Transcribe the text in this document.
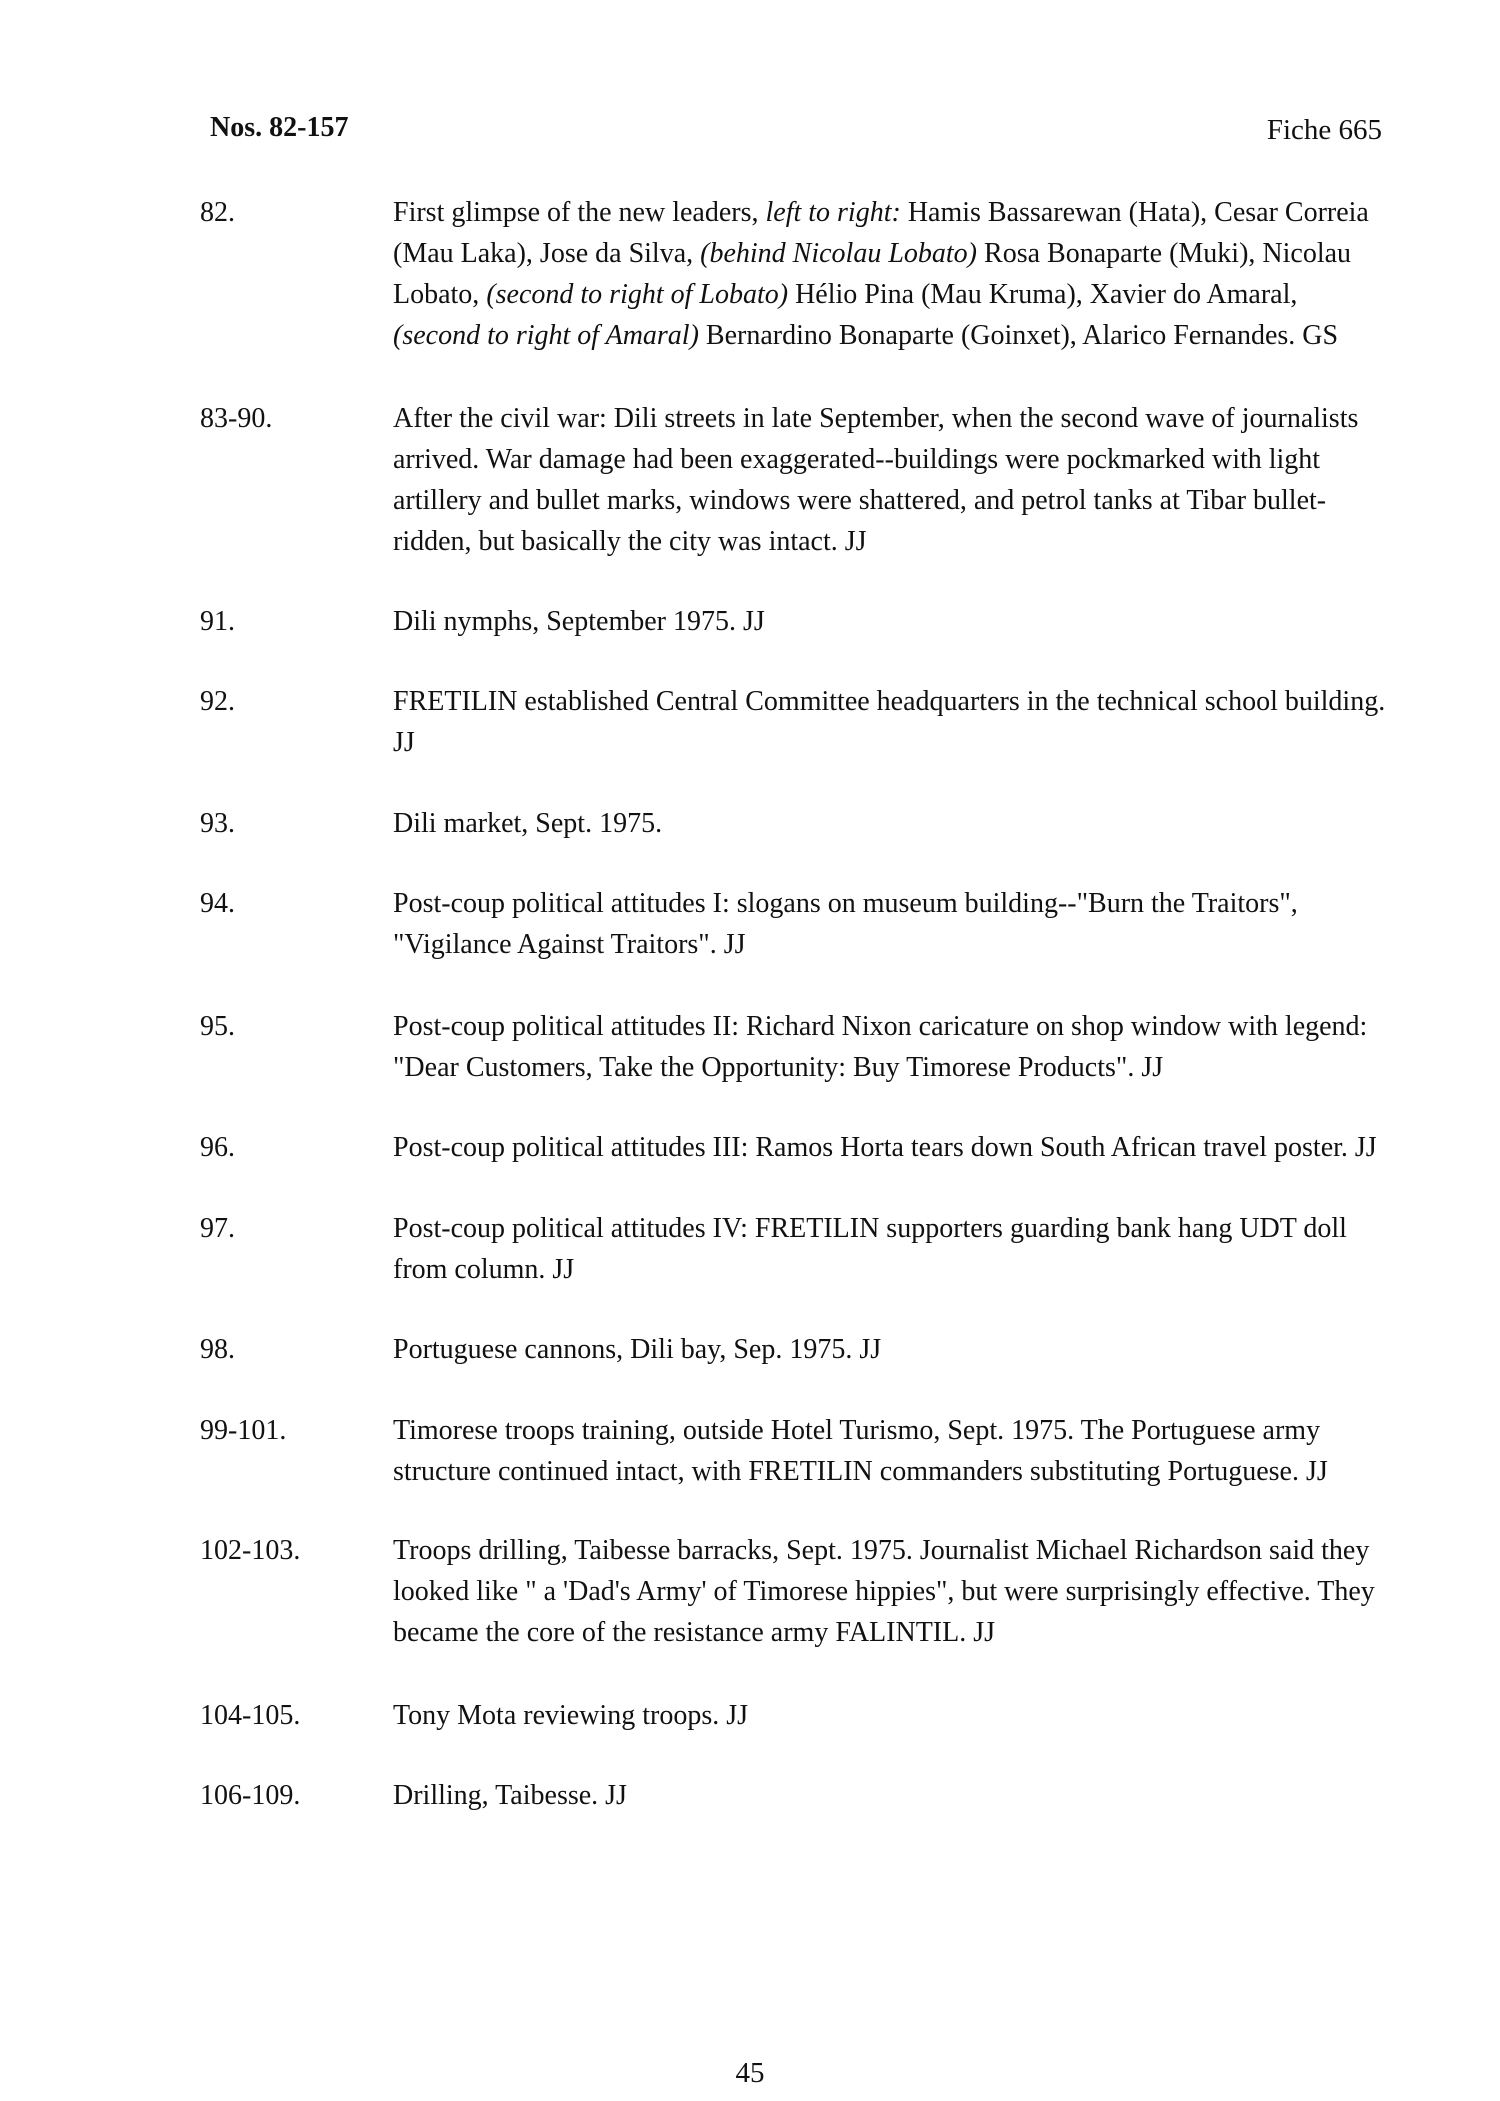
Nos. 82-157	Fiche 665
82.	First glimpse of the new leaders, left to right: Hamis Bassarewan (Hata), Cesar Correia (Mau Laka), Jose da Silva, (behind Nicolau Lobato) Rosa Bonaparte (Muki), Nicolau Lobato, (second to right of Lobato) Hélio Pina (Mau Kruma), Xavier do Amaral, (second to right of Amaral) Bernardino Bonaparte (Goinxet), Alarico Fernandes. GS
83-90.	After the civil war: Dili streets in late September, when the second wave of journalists arrived. War damage had been exaggerated--buildings were pockmarked with light artillery and bullet marks, windows were shattered, and petrol tanks at Tibar bullet-ridden, but basically the city was intact. JJ
91.	Dili nymphs, September 1975. JJ
92.	FRETILIN established Central Committee headquarters in the technical school building. JJ
93.	Dili market, Sept. 1975.
94.	Post-coup political attitudes I: slogans on museum building--"Burn the Traitors", "Vigilance Against Traitors". JJ
95.	Post-coup political attitudes II: Richard Nixon caricature on shop window with legend: "Dear Customers, Take the Opportunity: Buy Timorese Products". JJ
96.	Post-coup political attitudes III: Ramos Horta tears down South African travel poster. JJ
97.	Post-coup political attitudes IV: FRETILIN supporters guarding bank hang UDT doll from column. JJ
98.	Portuguese cannons, Dili bay, Sep. 1975. JJ
99-101.	Timorese troops training, outside Hotel Turismo, Sept. 1975. The Portuguese army structure continued intact, with FRETILIN commanders substituting Portuguese. JJ
102-103.	Troops drilling, Taibesse barracks, Sept. 1975. Journalist Michael Richardson said they looked like " a 'Dad's Army' of Timorese hippies", but were surprisingly effective. They became the core of the resistance army FALINTIL. JJ
104-105.	Tony Mota reviewing troops. JJ
106-109.	Drilling, Taibesse. JJ
45
